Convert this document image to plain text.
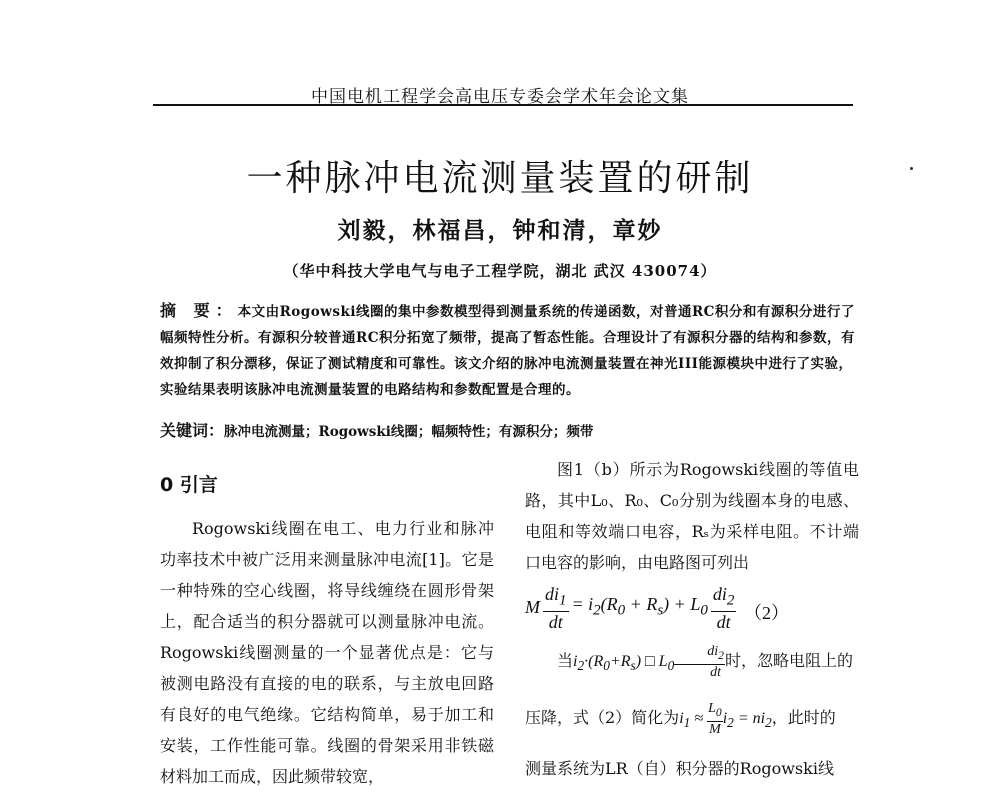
中国电机工程学会高电压专委会学术年会论文集
一种脉冲电流测量装置的研制
刘毅，林福昌，钟和清，章妙
（华中科技大学电气与电子工程学院，湖北 武汉 430074）
摘 要：本文由Rogowski线圈的集中参数模型得到测量系统的传递函数，对普通RC积分和有源积分进行了幅频特性分析。有源积分较普通RC积分拓宽了频带，提高了暂态性能。合理设计了有源积分器的结构和参数，有效抑制了积分漂移，保证了测试精度和可靠性。该文介绍的脉冲电流测量装置在神光III能源模块中进行了实验，实验结果表明该脉冲电流测量装置的电路结构和参数配置是合理的。
关键词：脉冲电流测量；Rogowski线圈；幅频特性；有源积分；频带
0 引言

Rogowski线圈在电工、电力行业和脉冲功率技术中被广泛用来测量脉冲电流[1]。它是一种特殊的空心线圈，将导线缠绕在圆形骨架上，配合适当的积分器就可以测量脉冲电流。Rogowski线圈测量的一个显著优点是：它与被测电路没有直接的电的联系，与主放电回路有良好的电气绝缘。它结构简单，易于加工和安装，工作性能可靠。线圈的骨架采用非铁磁材料加工而成，因此频带较宽，

图1（b）所示为Rogowski线圈的等值电路，其中L₀、R₀、C₀分别为线圈本身的电感、电阻和等效端口电容，Rₛ为采样电阻。不计端口电容的影响，由电路图可列出

M $\frac{di_1}{dt} = i_2(R_0 + R_s) + L_0 \frac{di_2}{dt} (2)$

当$i_2\cdot(R_0+R_s)$ □ $L_0 \frac{di_2}{dt}$ 时，忽略电阻上的

压降，式（2）简化为$i_1 \approx \frac{L_0}{M} i_2 = ni_2$，此时的

测量系统为LR（自）积分器的Rogowski线
